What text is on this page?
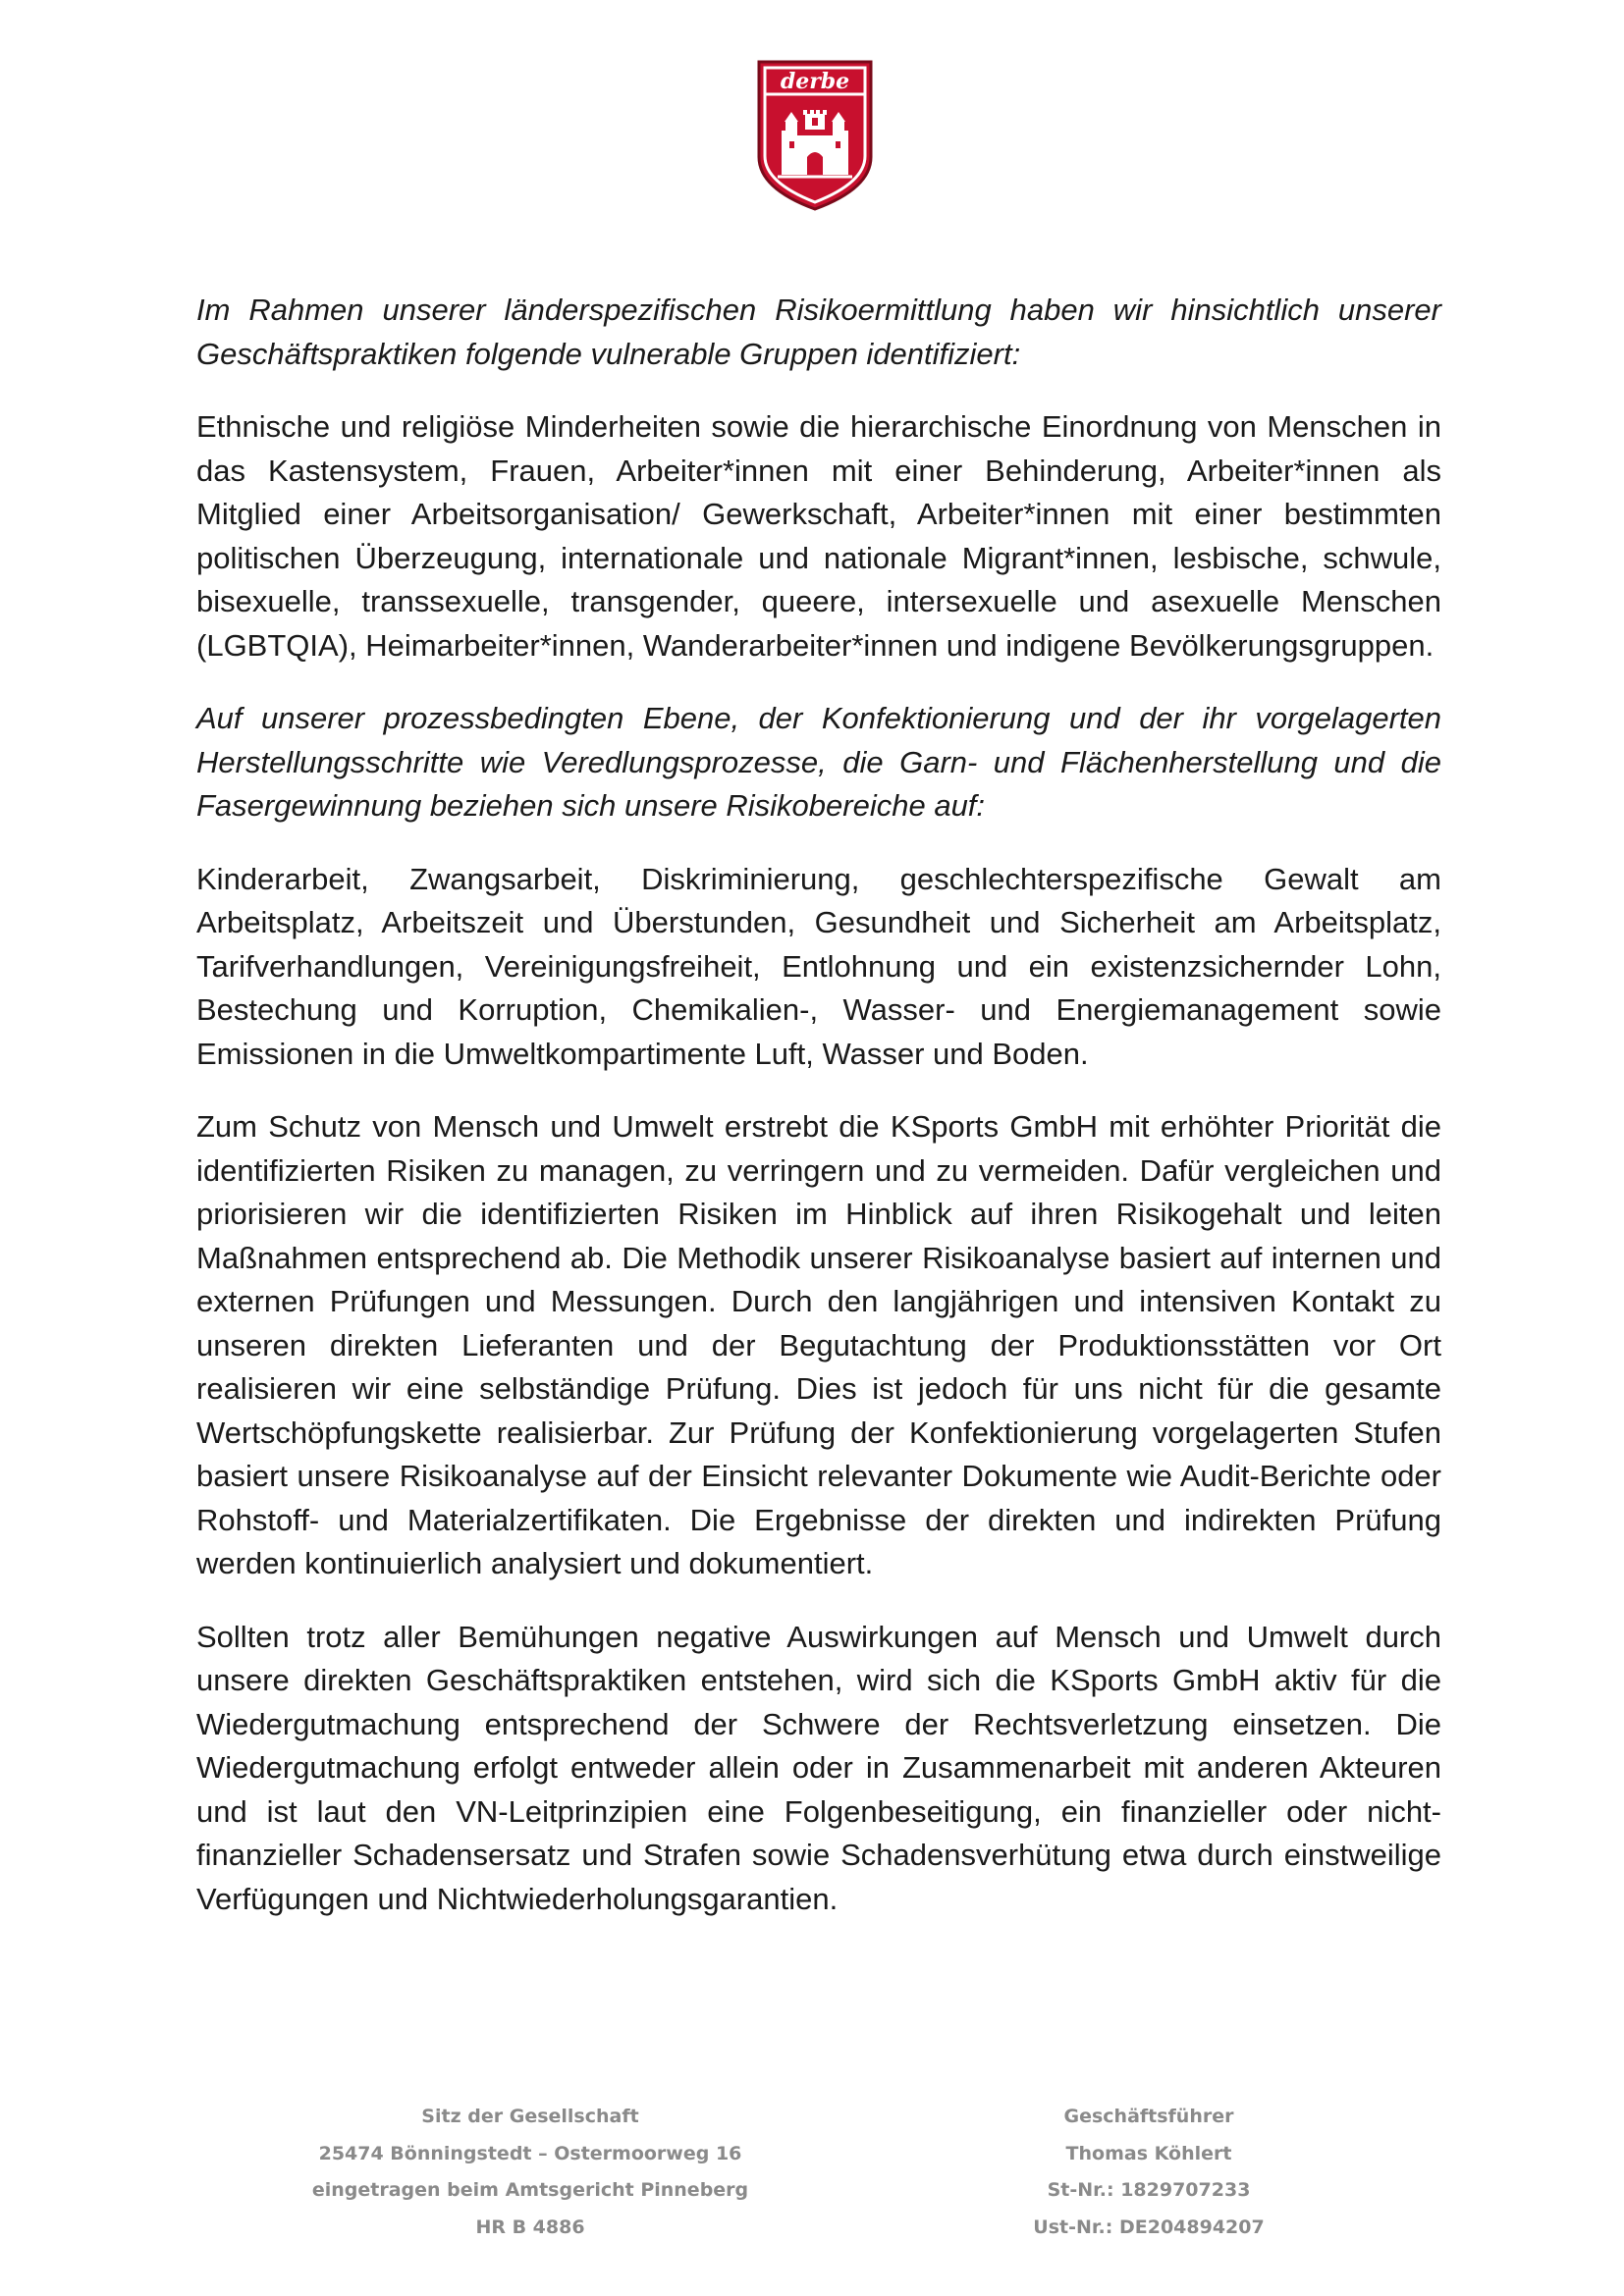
derbe

Im Rahmen unserer länderspezifischen Risikoermittlung haben wir hinsichtlich unserer Geschäftspraktiken folgende vulnerable Gruppen identifiziert:

Ethnische und religiöse Minderheiten sowie die hierarchische Einordnung von Menschen in das Kastensystem, Frauen, Arbeiter*innen mit einer Behinderung, Arbeiter*innen als Mitglied einer Arbeitsorganisation/ Gewerkschaft, Arbeiter*innen mit einer bestimmten politischen Überzeugung, internationale und nationale Migrant*innen, lesbische, schwule, bisexuelle, transsexuelle, transgender, queere, intersexuelle und asexuelle Menschen (LGBTQIA), Heimarbeiter*innen, Wanderarbeiter*innen und indigene Bevölkerungsgruppen.

Auf unserer prozessbedingten Ebene, der Konfektionierung und der ihr vorgelagerten Herstellungsschritte wie Veredlungsprozesse, die Garn- und Flächenherstellung und die Fasergewinnung beziehen sich unsere Risikobereiche auf:

Kinderarbeit, Zwangsarbeit, Diskriminierung, geschlechterspezifische Gewalt am Arbeitsplatz, Arbeitszeit und Überstunden, Gesundheit und Sicherheit am Arbeitsplatz, Tarifverhandlungen, Vereinigungsfreiheit, Entlohnung und ein existenzsichernder Lohn, Bestechung und Korruption, Chemikalien-, Wasser- und Energiemanagement sowie Emissionen in die Umweltkompartimente Luft, Wasser und Boden.

Zum Schutz von Mensch und Umwelt erstrebt die KSports GmbH mit erhöhter Priorität die identifizierten Risiken zu managen, zu verringern und zu vermeiden. Dafür vergleichen und priorisieren wir die identifizierten Risiken im Hinblick auf ihren Risikogehalt und leiten Maßnahmen entsprechend ab. Die Methodik unserer Risikoanalyse basiert auf internen und externen Prüfungen und Messungen. Durch den langjährigen und intensiven Kontakt zu unseren direkten Lieferanten und der Begutachtung der Produktionsstätten vor Ort realisieren wir eine selbständige Prüfung. Dies ist jedoch für uns nicht für die gesamte Wertschöpfungskette realisierbar. Zur Prüfung der Konfektionierung vorgelagerten Stufen basiert unsere Risikoanalyse auf der Einsicht relevanter Dokumente wie Audit-Berichte oder Rohstoff- und Materialzertifikaten. Die Ergebnisse der direkten und indirekten Prüfung werden kontinuierlich analysiert und dokumentiert.

Sollten trotz aller Bemühungen negative Auswirkungen auf Mensch und Umwelt durch unsere direkten Geschäftspraktiken entstehen, wird sich die KSports GmbH aktiv für die Wiedergutmachung entsprechend der Schwere der Rechtsverletzung einsetzen. Die Wiedergutmachung erfolgt entweder allein oder in Zusammenarbeit mit anderen Akteuren und ist laut den VN-Leitprinzipien eine Folgenbeseitigung, ein finanzieller oder nicht-finanzieller Schadensersatz und Strafen sowie Schadensverhütung etwa durch einstweilige Verfügungen und Nichtwiederholungsgarantien.

Sitz der Gesellschaft
25474 Bönningstedt – Ostermoorweg 16
eingetragen beim Amtsgericht Pinneberg
HR B 4886
Geschäftsführer
Thomas Köhlert
St-Nr.: 1829707233
Ust-Nr.: DE204894207
